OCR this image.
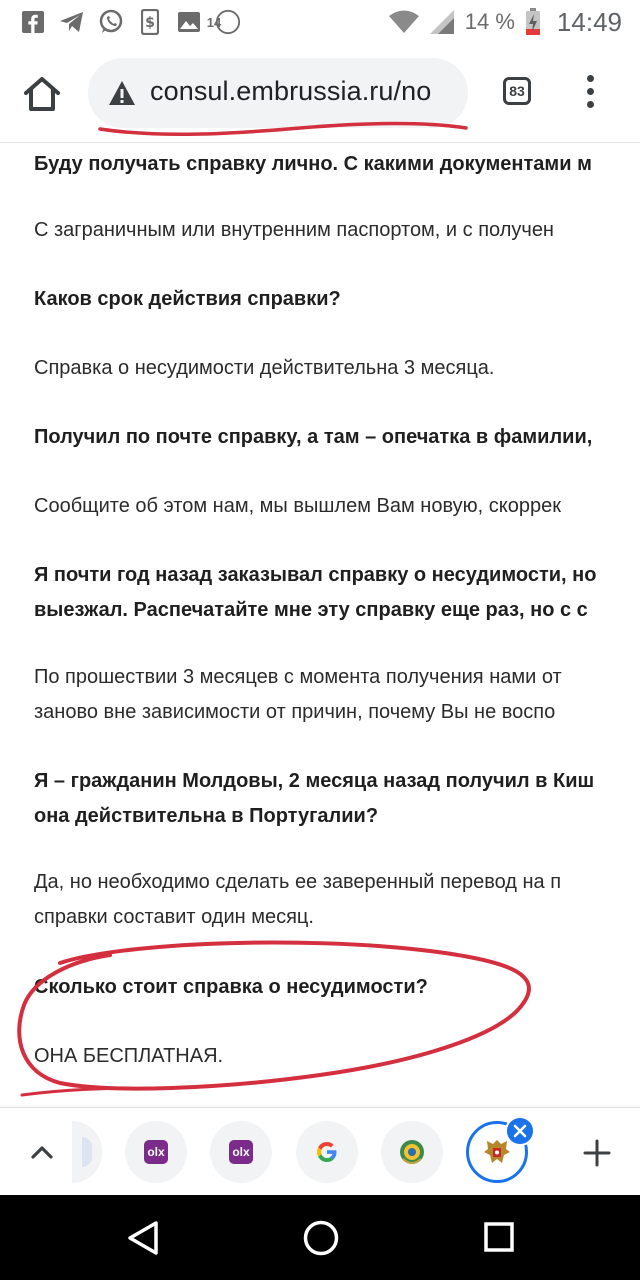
$	14	14 % 14:49
consul.embrussia.ru/no	83
Буду получать справку лично. С какими документами м
С заграничным или внутренним паспортом, и с получен
Каков срок действия справки?
Справка о несудимости действительна 3 месяца.
Получил по почте справку, а там – опечатка в фамилии,
Сообщите об этом нам, мы вышлем Вам новую, скоррек
Я почти год назад заказывал справку о несудимости, но
выезжал. Распечатайте мне эту справку еще раз, но с с
По прошествии 3 месяцев с момента получения нами от
заново вне зависимости от причин, почему Вы не воспо
Я – гражданин Молдовы, 2 месяца назад получил в Киш
она действительна в Португалии?
Да, но необходимо сделать ее заверенный перевод на п
справки составит один месяц.
Сколько стоит справка о несудимости?
ОНА БЕСПЛАТНАЯ.
olx	olx
